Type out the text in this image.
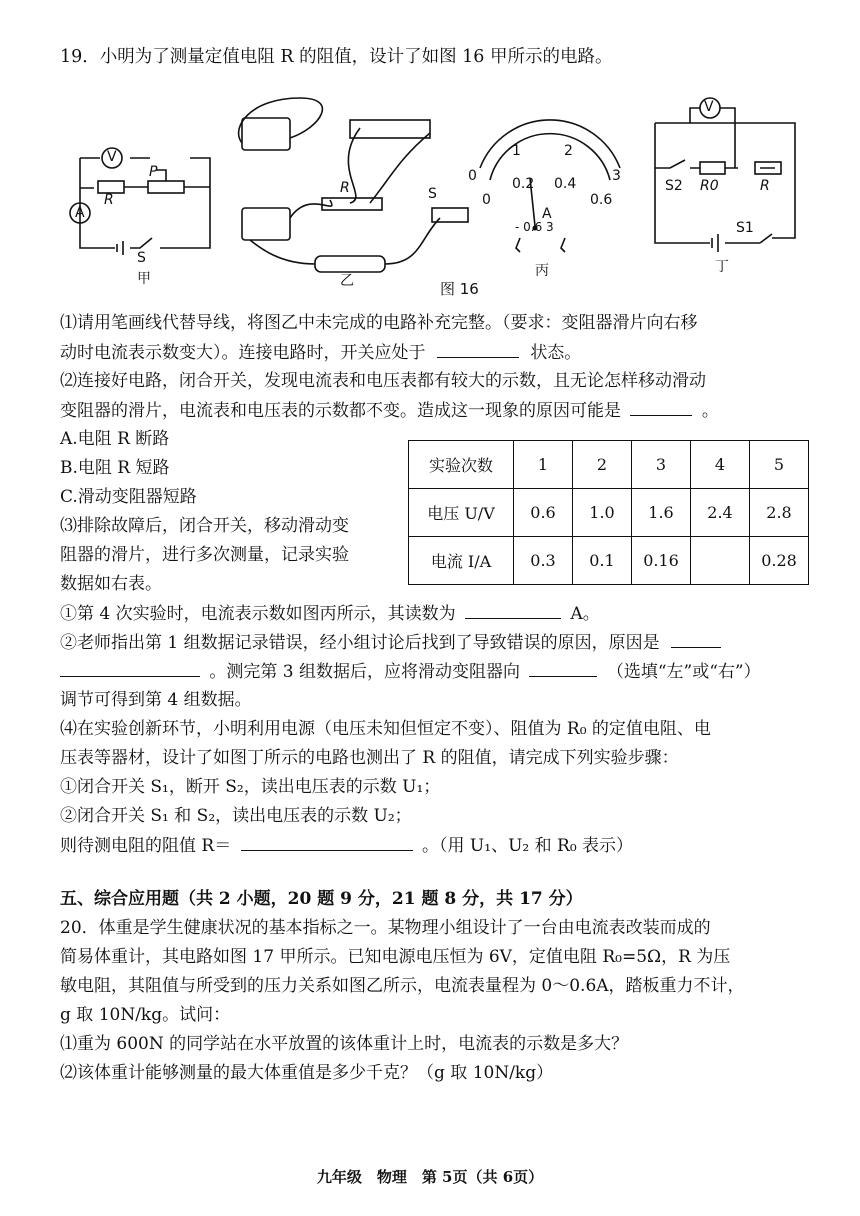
19．小明为了测量定值电阻 R 的阻值，设计了如图 16 甲所示的电路。
V
A
R
P
S
甲	乙
丙	丁
R	S
0
1	2
3
0
0.2 0.4
0.6
A
- 0.6 3
V
S2 R0	R
S1
图 16
⑴请用笔画线代替导线，将图乙中未完成的电路补充完整。（要求：变阻器滑片向右移
动时电流表示数变大）。连接电路时，开关应处于	状态。
⑵连接好电路，闭合开关，发现电流表和电压表都有较大的示数，且无论怎样移动滑动
变阻器的滑片，电流表和电压表的示数都不变。造成这一现象的原因可能是	。
A.电阻 R 断路
B.电阻 R 短路
C.滑动变阻器短路
⑶排除故障后，闭合开关，移动滑动变
阻器的滑片，进行多次测量，记录实验
数据如右表。
实验次数	1	2	3	4	5
电压 U/V	0.6	1.0	1.6	2.4	2.8
电流 I/A	0.3	0.1	0.16		0.28
①第 4 次实验时，电流表示数如图丙所示，其读数为	A。
②老师指出第 1 组数据记录错误，经小组讨论后找到了导致错误的原因，原因是
。测完第 3 组数据后，应将滑动变阻器向	（选填“左”或“右”）
调节可得到第 4 组数据。
⑷在实验创新环节，小明利用电源（电压未知但恒定不变）、阻值为 R₀ 的定值电阻、电
压表等器材，设计了如图丁所示的电路也测出了 R 的阻值，请完成下列实验步骤：
①闭合开关 S₁，断开 S₂，读出电压表的示数 U₁；
②闭合开关 S₁ 和 S₂，读出电压表的示数 U₂；
则待测电阻的阻值 R＝	。（用 U₁、U₂ 和 R₀ 表示）
五、综合应用题（共 2 小题，20 题 9 分，21 题 8 分，共 17 分）
20．体重是学生健康状况的基本指标之一。某物理小组设计了一台由电流表改装而成的
简易体重计，其电路如图 17 甲所示。已知电源电压恒为 6V，定值电阻 R₀=5Ω，R 为压
敏电阻，其阻值与所受到的压力关系如图乙所示，电流表量程为 0～0.6A，踏板重力不计，
g 取 10N/kg。试问：
⑴重为 600N 的同学站在水平放置的该体重计上时，电流表的示数是多大？
⑵该体重计能够测量的最大体重值是多少千克？（g 取 10N/kg）
九年级　物理　第 5页（共 6页）
